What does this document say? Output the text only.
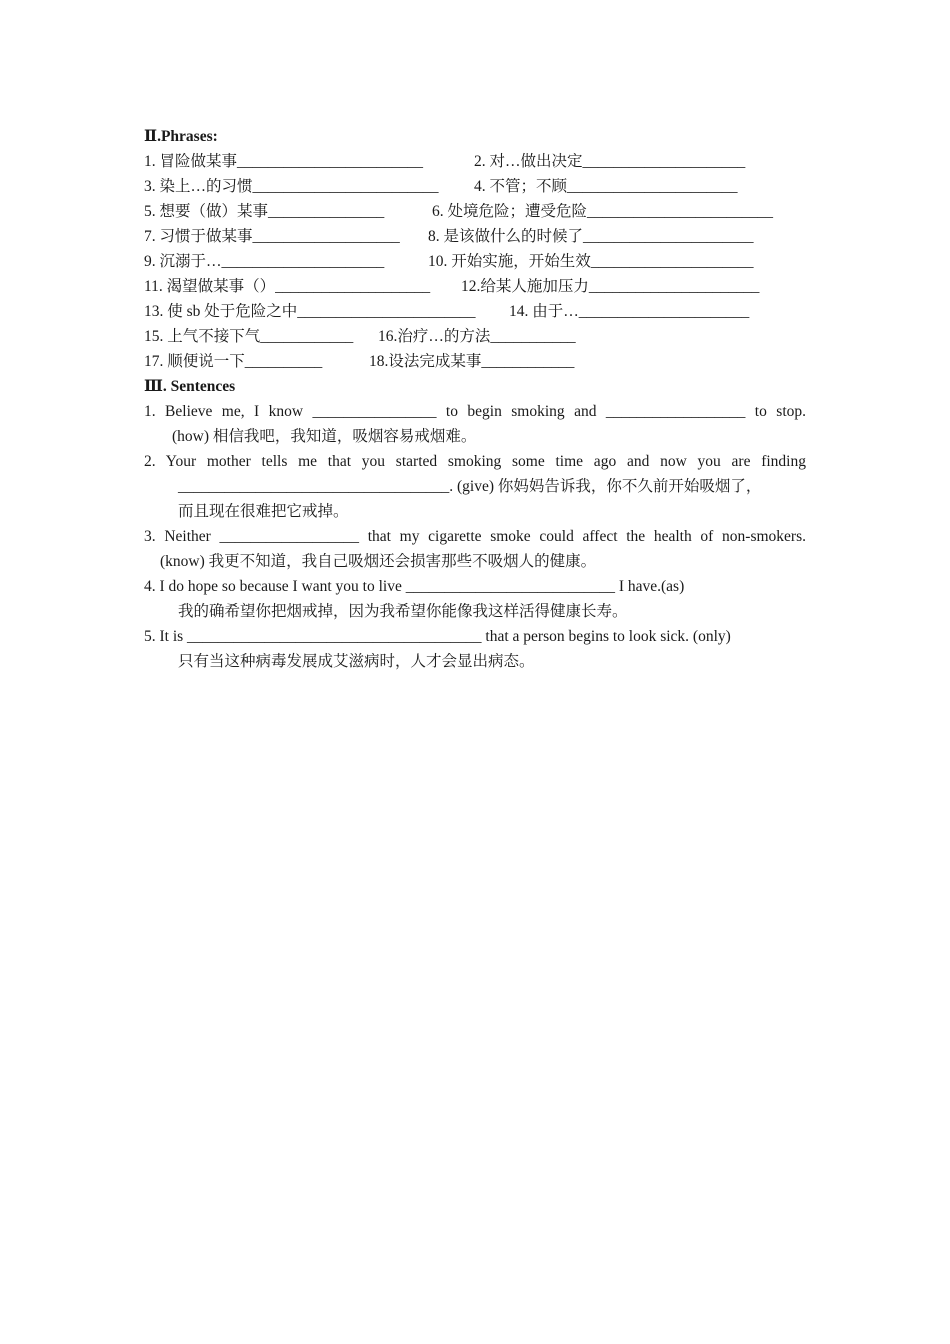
Ⅱ.Phrases:
1. 冒险做某事________________________	2. 对…做出决定_____________________
3. 染上…的习惯________________________ 4. 不管；不顾______________________
5. 想要（做）某事_______________	6. 处境危险；遭受危险________________________
7. 习惯于做某事___________________ 8. 是该做什么的时候了______________________
9. 沉溺于…_____________________	10. 开始实施，开始生效_____________________
11. 渴望做某事（）____________________ 12.给某人施加压力______________________
13. 使 sb 处于危险之中_______________________ 14. 由于…______________________
15. 上气不接下气____________ 16.治疗…的方法___________
17. 顺便说一下__________	18.设法完成某事____________
Ⅲ. Sentences
1. Believe me, I know ________________ to begin smoking and __________________ to stop.
(how) 相信我吧，我知道，吸烟容易戒烟难。
2. Your mother tells me that you started smoking some time ago and now you are finding
___________________________________. (give) 你妈妈告诉我，你不久前开始吸烟了，
而且现在很难把它戒掉。
3. Neither __________________ that my cigarette smoke could affect the health of non-smokers.
(know) 我更不知道，我自己吸烟还会损害那些不吸烟人的健康。
4. I do hope so because I want you to live ___________________________ I have.(as)
我的确希望你把烟戒掉，因为我希望你能像我这样活得健康长寿。
5. It is ______________________________________ that a person begins to look sick. (only)
只有当这种病毒发展成艾滋病时，人才会显出病态。
